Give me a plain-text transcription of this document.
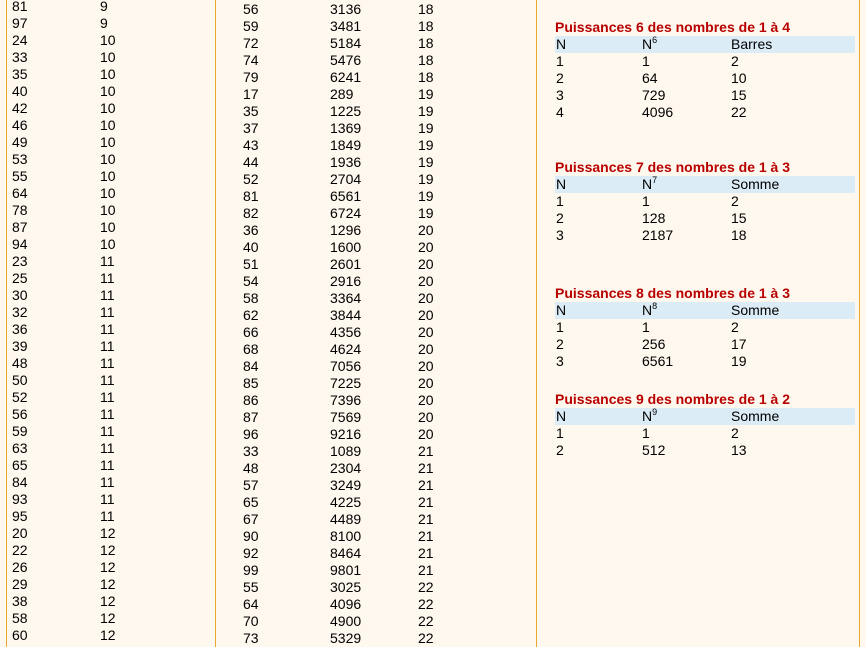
81	9
97	9
24	10
33	10
35	10
40	10
42	10
46	10
49	10
53	10
55	10
64	10
78	10
87	10
94	10
23	11
25	11
30	11
32	11
36	11
39	11
48	11
50	11
52	11
56	11
59	11
63	11
65	11
84	11
93	11
95	11
20	12
22	12
26	12
29	12
38	12
58	12
60	12
56	3136	18
59	3481	18
72	5184	18
74	5476	18
79	6241	18
17	289	19
35	1225	19
37	1369	19
43	1849	19
44	1936	19
52	2704	19
81	6561	19
82	6724	19
36	1296	20
40	1600	20
51	2601	20
54	2916	20
58	3364	20
62	3844	20
66	4356	20
68	4624	20
84	7056	20
85	7225	20
86	7396	20
87	7569	20
96	9216	20
33	1089	21
48	2304	21
57	3249	21
65	4225	21
67	4489	21
90	8100	21
92	8464	21
99	9801	21
55	3025	22
64	4096	22
70	4900	22
73	5329	22
Puissances 6 des nombres de 1 à 4
N	$N^6$	Barres
1	1	2
2	64	10
3	729	15
4	4096	22
Puissances 7 des nombres de 1 à 3
N	$N^7$	Somme
1	1	2
2	128	15
3	2187	18
Puissances 8 des nombres de 1 à 3
N	$N^8$	Somme
1	1	2
2	256	17
3	6561	19
Puissances 9 des nombres de 1 à 2
N	$N^9$	Somme
1	1	2
2	512	13
